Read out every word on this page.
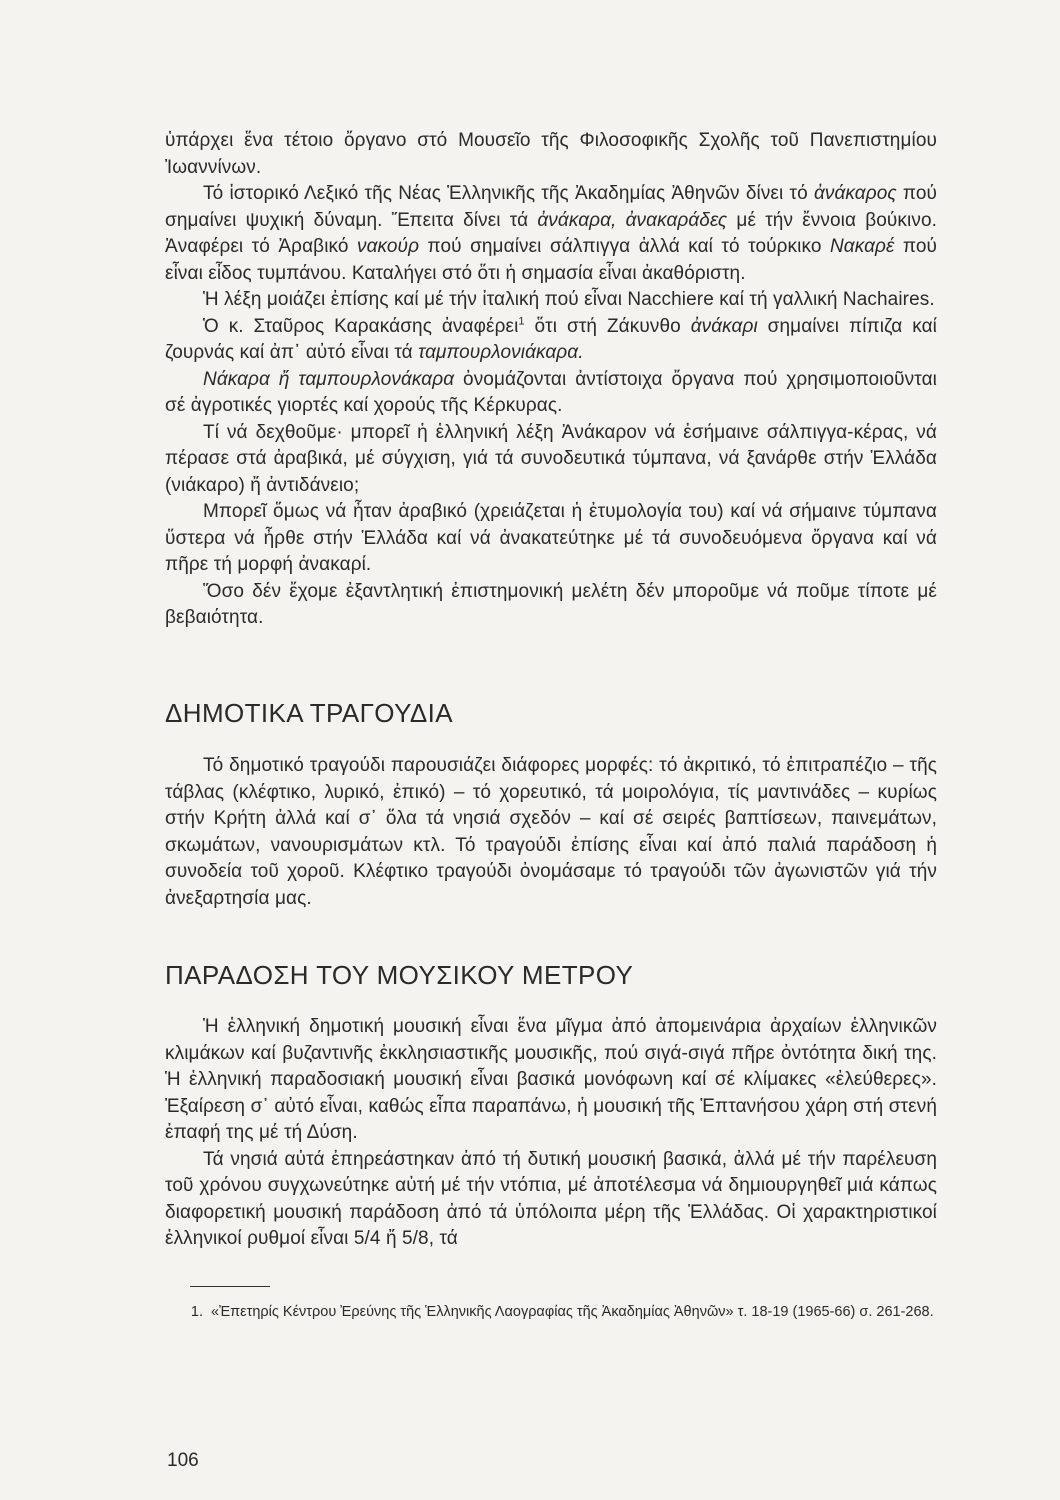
ὑπάρχει ἕνα τέτοιο ὄργανο στό Μουσεῖο τῆς Φιλοσοφικῆς Σχολῆς τοῦ Πανεπιστημίου Ἰωαννίνων.

Τό ἱστορικό Λεξικό τῆς Νέας Ἑλληνικῆς τῆς Ἀκαδημίας Ἀθηνῶν δίνει τό ἀνάκαρος πού σημαίνει ψυχική δύναμη. Ἔπειτα δίνει τά ἀνάκαρα, ἀνακαράδες μέ τήν ἔννοια βούκινο. Ἀναφέρει τό Ἀραβικό νακούρ πού σημαίνει σάλπιγγα ἀλλά καί τό τούρκικο Νακαρέ πού εἶναι εἶδος τυμπάνου. Καταλήγει στό ὅτι ἡ σημασία εἶναι ἀκαθόριστη.

Ἡ λέξη μοιάζει ἐπίσης καί μέ τήν ἰταλική πού εἶναι Nacchiere καί τή γαλλική Nachaires.

Ὁ κ. Σταῦρος Καρακάσης ἀναφέρει$^1$ ὅτι στή Ζάκυνθο ἀνάκαρι σημαίνει πίπιζα καί ζουρνάς καί ἀπ᾽ αὐτό εἶναι τά ταμπουρλονιάκαρα.

Νάκαρα ἤ ταμπουρλονάκαρα ὀνομάζονται ἀντίστοιχα ὄργανα πού χρησιμοποιοῦνται σέ ἀγροτικές γιορτές καί χορούς τῆς Κέρκυρας.

Τί νά δεχθοῦμε· μπορεῖ ἡ ἑλληνική λέξη Ἀνάκαρον νά ἐσήμαινε σάλπιγγα-κέρας, νά πέρασε στά ἀραβικά, μέ σύγχιση, γιά τά συνοδευτικά τύμπανα, νά ξανάρθε στήν Ἑλλάδα (νιάκαρο) ἤ ἀντιδάνειο;

Μπορεῖ ὅμως νά ἦταν ἀραβικό (χρειάζεται ἡ ἐτυμολογία του) καί νά σήμαινε τύμπανα ὕστερα νά ἦρθε στήν Ἑλλάδα καί νά ἀνακατεύτηκε μέ τά συνοδευόμενα ὄργανα καί νά πῆρε τή μορφή ἀνακαρί.

Ὅσο δέν ἔχομε ἐξαντλητική ἐπιστημονική μελέτη δέν μποροῦμε νά ποῦμε τίποτε μέ βεβαιότητα.

ΔΗΜΟΤΙΚΑ ΤΡΑΓΟΥΔΙΑ

Τό δημοτικό τραγούδι παρουσιάζει διάφορες μορφές: τό ἀκριτικό, τό ἐπιτραπέζιο – τῆς τάβλας (κλέφτικο, λυρικό, ἐπικό) – τό χορευτικό, τά μοιρολόγια, τίς μαντινάδες – κυρίως στήν Κρήτη ἀλλά καί σ᾽ ὅλα τά νησιά σχεδόν – καί σέ σειρές βαπτίσεων, παινεμάτων, σκωμάτων, νανουρισμάτων κτλ. Τό τραγούδι ἐπίσης εἶναι καί ἀπό παλιά παράδοση ἡ συνοδεία τοῦ χοροῦ. Κλέφτικο τραγούδι ὀνομάσαμε τό τραγούδι τῶν ἀγωνιστῶν γιά τήν ἀνεξαρτησία μας.

ΠΑΡΑΔΟΣΗ ΤΟΥ ΜΟΥΣΙΚΟΥ ΜΕΤΡΟΥ

Ἡ ἑλληνική δημοτική μουσική εἶναι ἕνα μῖγμα ἀπό ἀπομεινάρια ἀρχαίων ἑλληνικῶν κλιμάκων καί βυζαντινῆς ἐκκλησιαστικῆς μουσικῆς, πού σιγά-σιγά πῆρε ὀντότητα δική της. Ἡ ἑλληνική παραδοσιακή μουσική εἶναι βασικά μονόφωνη καί σέ κλίμακες «ἐλεύθερες». Ἐξαίρεση σ᾽ αὐτό εἶναι, καθώς εἶπα παραπάνω, ἡ μουσική τῆς Ἑπτανήσου χάρη στή στενή ἐπαφή της μέ τή Δύση.

Τά νησιά αὐτά ἐπηρεάστηκαν ἀπό τή δυτική μουσική βασικά, ἀλλά μέ τήν παρέλευση τοῦ χρόνου συγχωνεύτηκε αὐτή μέ τήν ντόπια, μέ ἀποτέλεσμα νά δημιουργηθεῖ μιά κάπως διαφορετική μουσική παράδοση ἀπό τά ὑπόλοιπα μέρη τῆς Ἑλλάδας. Οἱ χαρακτηριστικοί ἑλληνικοί ρυθμοί εἶναι 5/4 ἤ 5/8, τά

1. «Ἐπετηρίς Κέντρου Ἐρεύνης τῆς Ἑλληνικῆς Λαογραφίας τῆς Ἀκαδημίας Ἀθηνῶν» τ. 18-19 (1965-66) σ. 261-268.

106
